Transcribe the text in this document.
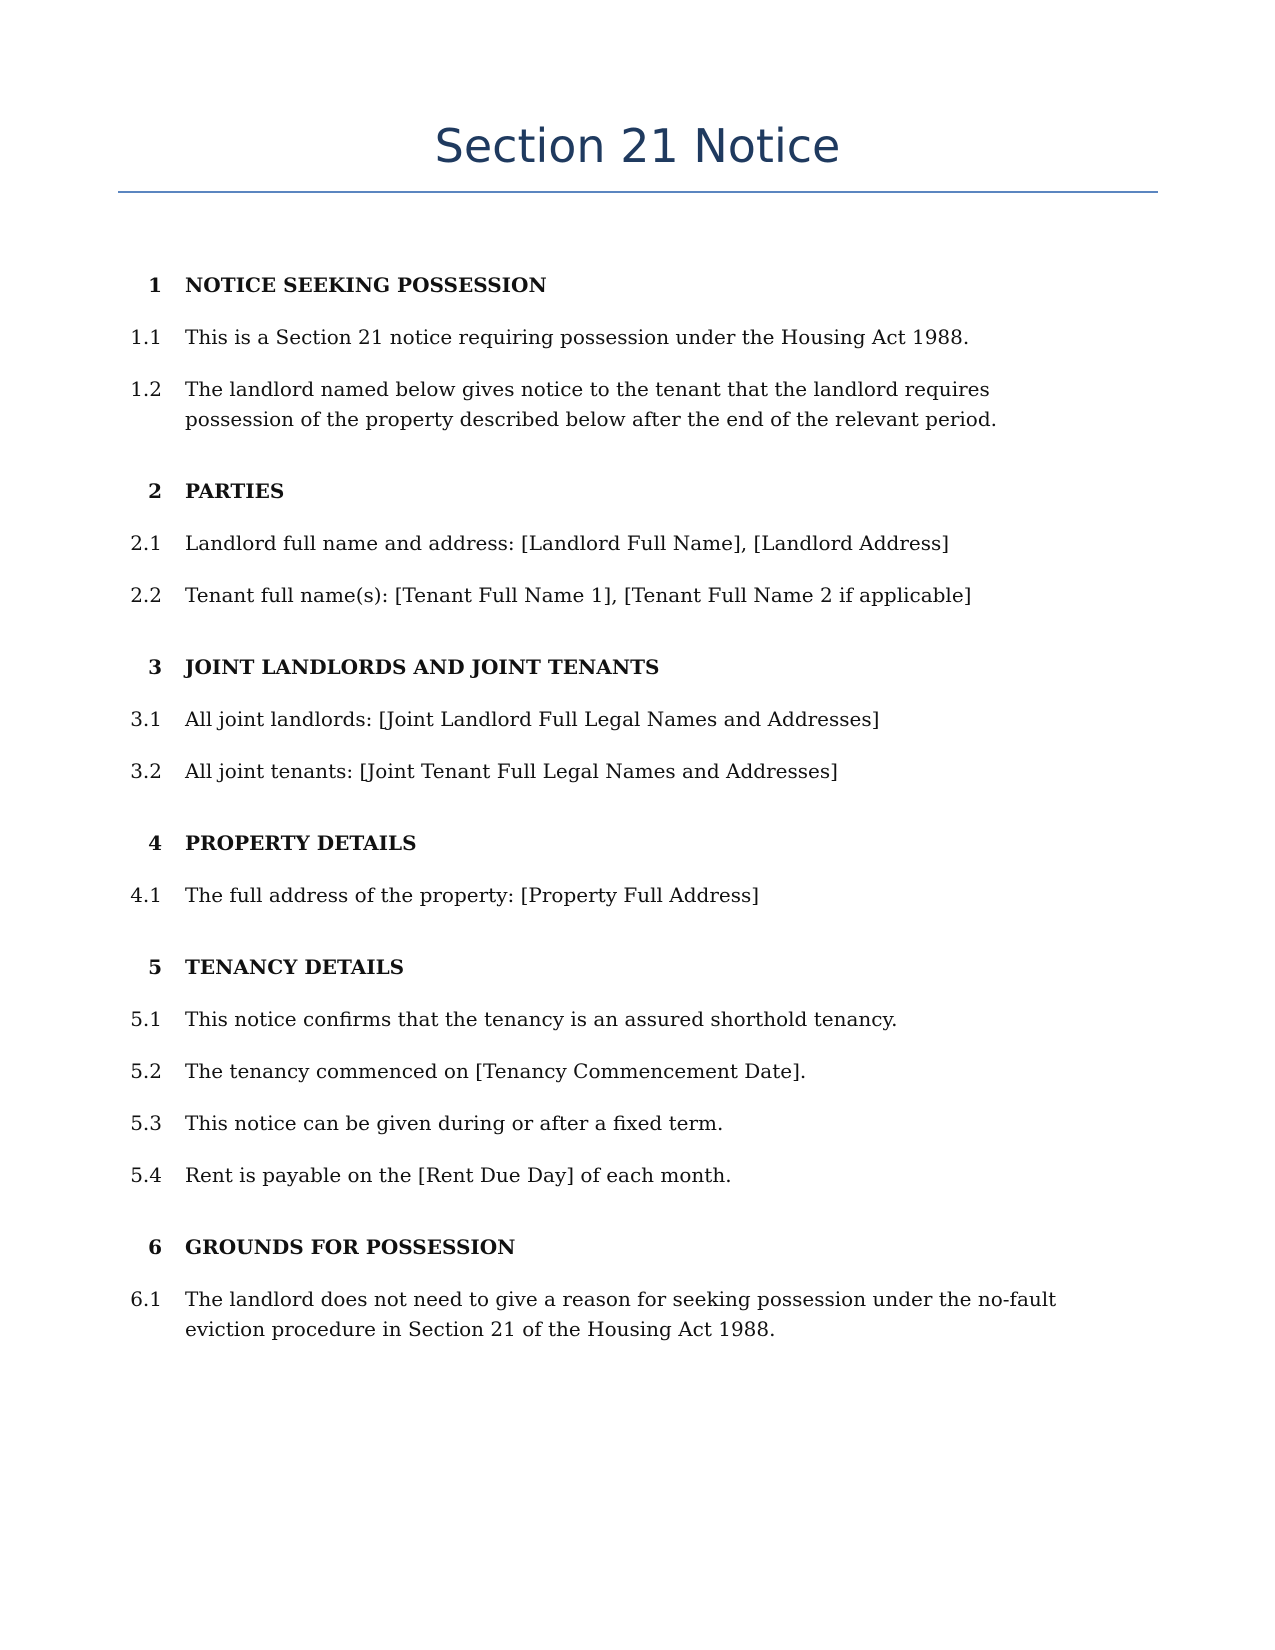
Section 21 Notice
1	NOTICE SEEKING POSSESSION
1.1	This is a Section 21 notice requiring possession under the Housing Act 1988.
1.2	The landlord named below gives notice to the tenant that the landlord requires possession of the property described below after the end of the relevant period.
2	PARTIES
2.1	Landlord full name and address: [Landlord Full Name], [Landlord Address]
2.2	Tenant full name(s): [Tenant Full Name 1], [Tenant Full Name 2 if applicable]
3	JOINT LANDLORDS AND JOINT TENANTS
3.1	All joint landlords: [Joint Landlord Full Legal Names and Addresses]
3.2	All joint tenants: [Joint Tenant Full Legal Names and Addresses]
4	PROPERTY DETAILS
4.1	The full address of the property: [Property Full Address]
5	TENANCY DETAILS
5.1	This notice confirms that the tenancy is an assured shorthold tenancy.
5.2	The tenancy commenced on [Tenancy Commencement Date].
5.3	This notice can be given during or after a fixed term.
5.4	Rent is payable on the [Rent Due Day] of each month.
6	GROUNDS FOR POSSESSION
6.1	The landlord does not need to give a reason for seeking possession under the no-fault eviction procedure in Section 21 of the Housing Act 1988.
